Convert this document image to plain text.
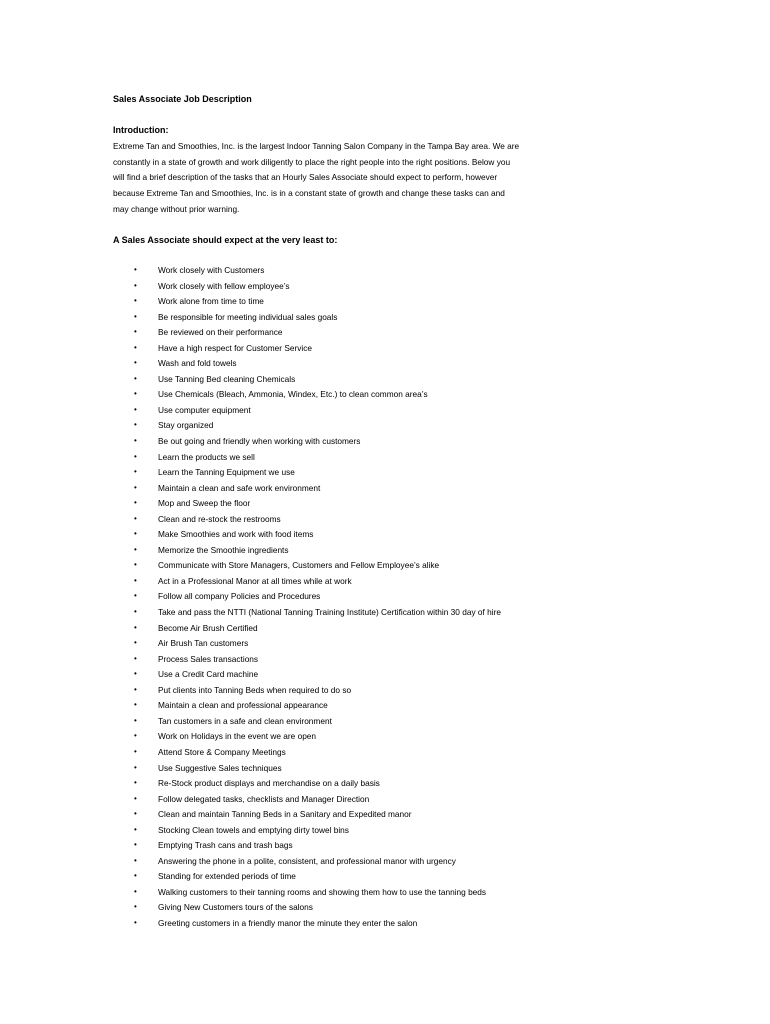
Sales Associate Job Description
Introduction:
Extreme Tan and Smoothies, Inc. is the largest Indoor Tanning Salon Company in the Tampa Bay area. We are
constantly in a state of growth and work diligently to place the right people into the right positions. Below you
will find a brief description of the tasks that an Hourly Sales Associate should expect to perform, however
because Extreme Tan and Smoothies, Inc. is in a constant state of growth and change these tasks can and
may change without prior warning.
A Sales Associate should expect at the very least to:
•	Work closely with Customers
•	Work closely with fellow employee’s
•	Work alone from time to time
•	Be responsible for meeting individual sales goals
•	Be reviewed on their performance
•	Have a high respect for Customer Service
•	Wash and fold towels
•	Use Tanning Bed cleaning Chemicals
•	Use Chemicals (Bleach, Ammonia, Windex, Etc.) to clean common area’s
•	Use computer equipment
•	Stay organized
•	Be out going and friendly when working with customers
•	Learn the products we sell
•	Learn the Tanning Equipment we use
•	Maintain a clean and safe work environment
•	Mop and Sweep the floor
•	Clean and re-stock the restrooms
•	Make Smoothies and work with food items
•	Memorize the Smoothie ingredients
•	Communicate with Store Managers, Customers and Fellow Employee’s alike
•	Act in a Professional Manor at all times while at work
•	Follow all company Policies and Procedures
•	Take and pass the NTTI (National Tanning Training Institute) Certification within 30 day of hire
•	Become Air Brush Certified
•	Air Brush Tan customers
•	Process Sales transactions
•	Use a Credit Card machine
•	Put clients into Tanning Beds when required to do so
•	Maintain a clean and professional appearance
•	Tan customers in a safe and clean environment
•	Work on Holidays in the event we are open
•	Attend Store & Company Meetings
•	Use Suggestive Sales techniques
•	Re-Stock product displays and merchandise on a daily basis
•	Follow delegated tasks, checklists and Manager Direction
•	Clean and maintain Tanning Beds in a Sanitary and Expedited manor
•	Stocking Clean towels and emptying dirty towel bins
•	Emptying Trash cans and trash bags
•	Answering the phone in a polite, consistent, and professional manor with urgency
•	Standing for extended periods of time
•	Walking customers to their tanning rooms and showing them how to use the tanning beds
•	Giving New Customers tours of the salons
•	Greeting customers in a friendly manor the minute they enter the salon
